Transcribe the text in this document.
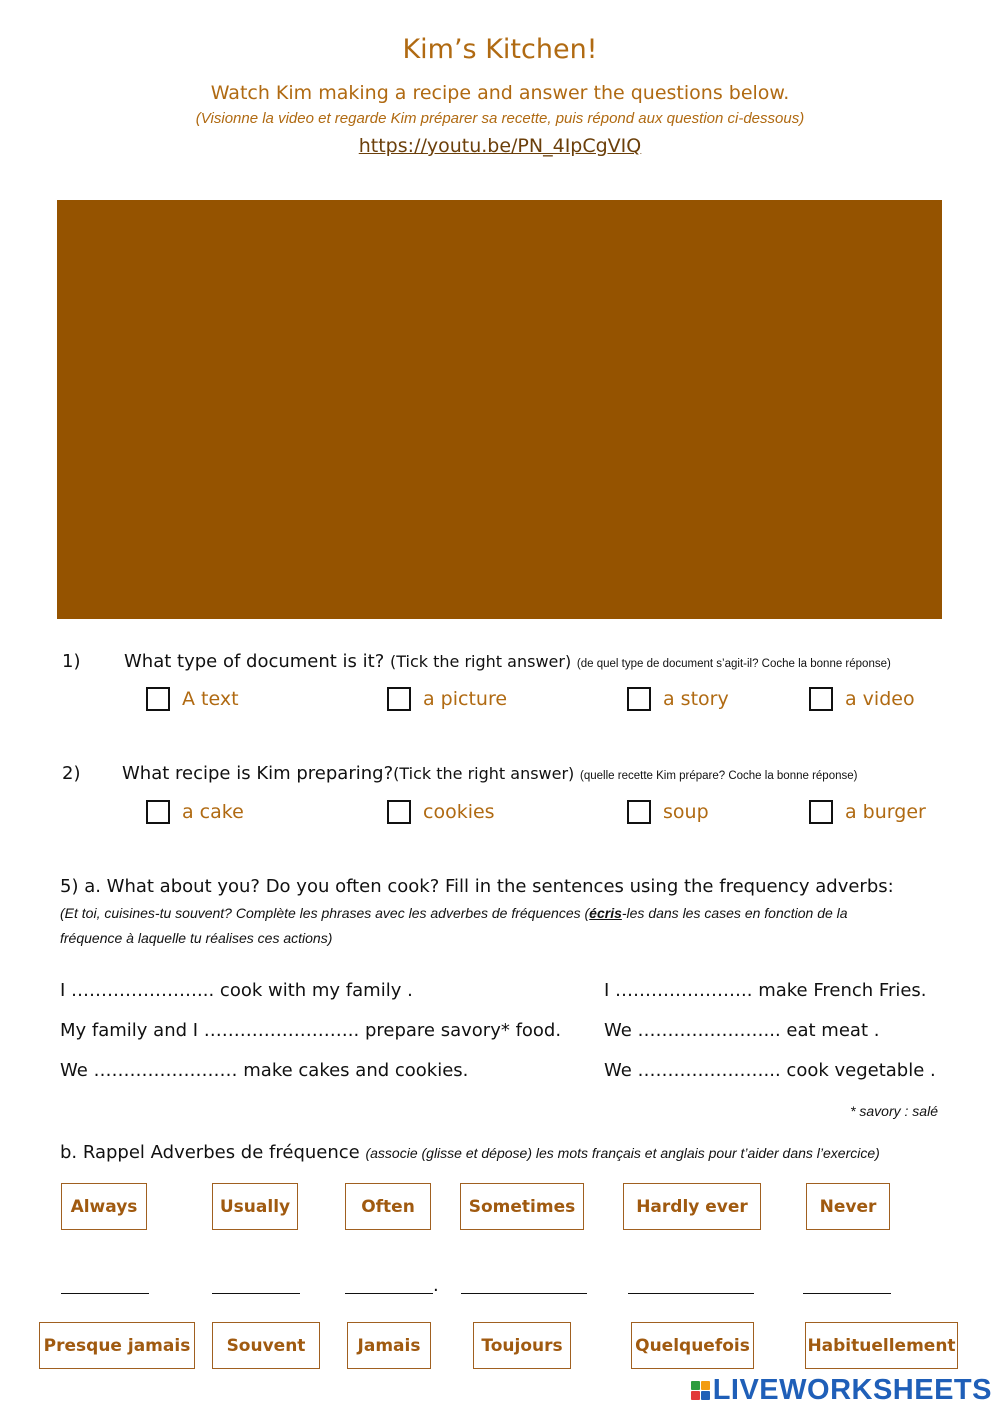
Kim’s Kitchen!
Watch Kim making a recipe and answer the questions below.
(Visionne la video et regarde Kim préparer sa recette, puis répond aux question ci-dessous)
https://youtu.be/PN_4IpCgVIQ
1) What type of document is it? (Tick the right answer) (de quel type de document s’agit-il? Coche la bonne réponse)
A text	a picture	a story	a video
2) What recipe is Kim preparing?(Tick the right answer) (quelle recette Kim prépare? Coche la bonne réponse)
a cake	cookies	soup	a burger
5) a. What about you? Do you often cook? Fill in the sentences using the frequency adverbs:
(Et toi, cuisines-tu souvent? Complète les phrases avec les adverbes de fréquences (écris-les dans les cases en fonction de la
fréquence à laquelle tu réalises ces actions)
I …………………... cook with my family .
My family and I …………………….. prepare savory* food.
We …………………… make cakes and cookies.
I ………………….. make French Fries.
We …………………... eat meat .
We …………………... cook vegetable .
* savory : salé
b. Rappel Adverbes de fréquence (associe (glisse et dépose) les mots français et anglais pour t’aider dans l’exercice)
Always	Usually	Often	Sometimes	Hardly ever	Never
.
Presque jamais	Souvent	Jamais	Toujours	Quelquefois	Habituellement
LIVEWORKSHEETS
